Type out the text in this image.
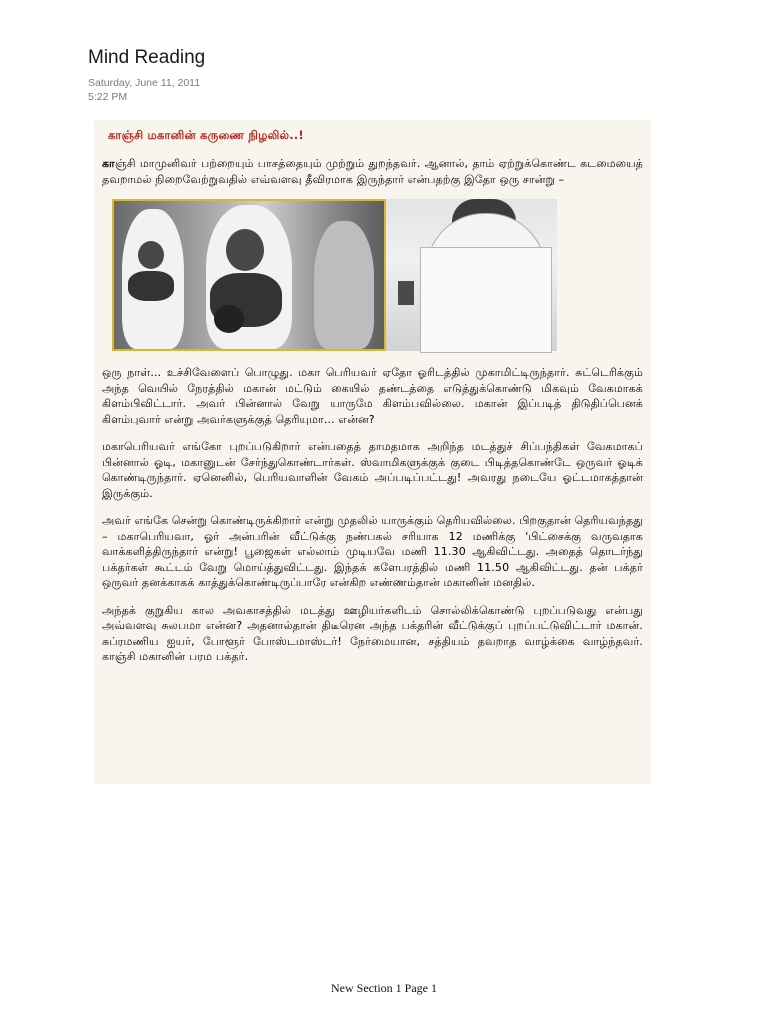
Mind Reading
Saturday, June 11, 2011
5:22 PM
காஞ்சி மகானின் கருணை நிழலில்..!

காஞ்சி மாமுனிவர் பற்றையும் பாசத்தையும் முற்றும் துறந்தவர். ஆனால், தாம் ஏற்றுக்கொண்ட கடமையைத் தவறாமல் நிறைவேற்றுவதில் எவ்வளவு தீவிரமாக இருந்தார் என்பதற்கு இதோ ஒரு சான்று –

ஒரு நாள்... உச்சிவேளைப் பொழுது. மகா பெரியவர் ஏதோ ஓரிடத்தில் முகாமிட்டிருந்தார். சுட்டெரிக்கும் அந்த வெயில் நேரத்தில் மகான் மட்டும் கையில் தண்டத்தை எடுத்துக்கொண்டு மிகவும் வேகமாகக் கிளம்பிவிட்டார். அவர் பின்னால் வேறு யாருமே கிளம்பவில்லை. மகான் இப்படித் திடுதிப்பெனக் கிளம்புவார் என்று அவர்களுக்குத் தெரியுமா... என்ன?

மகாபெரியவர் எங்கோ புறப்படுகிறார் என்பதைத் தாமதமாக அறிந்த மடத்துச் சிப்பந்திகள் வேகமாகப் பின்னால் ஓடி, மகானுடன் சேர்ந்துகொண்டார்கள். ஸ்வாமிகளுக்குக் குடை பிடித்தகொண்டே ஒருவர் ஓடிக் கொண்டிருந்தார். ஏனெனில், பெரியவாளின் வேகம் அப்படிப்பட்டது! அவரது நடையே ஓட்டமாகத்தான் இருக்கும்.

அவர் எங்கே சென்று கொண்டிருக்கிறார் என்று முதலில் யாருக்கும் தெரியவில்லை. பிறகுதான் தெரியவந்தது – மகாபெரியவா, ஓர் அன்பரின் வீட்டுக்கு நண்பகல் சரியாக 12 மணிக்கு 'பிட்சைக்கு வருவதாக வாக்களித்திருந்தார் என்று! பூஜைகள் எல்லாம் முடியவே மணி 11.30 ஆகிவிட்டது. அதைத் தொடர்ந்து பக்தர்கள் கூட்டம் வேறு மொய்த்துவிட்டது. இந்தக் களேபரத்தில் மணி 11.50 ஆகிவிட்டது. தன் பக்தர் ஒருவர் தனக்காகக் காத்துக்கொண்டிருப்பாரே என்கிற எண்ணம்தான் மகானின் மனதில்.

அந்தக் குறுகிய கால அவகாசத்தில் மடத்து ஊழியர்களிடம் சொல்லிக்கொண்டு புறப்படுவது என்பது அவ்வளவு சுலபமா என்ன? அதனால்தான் திடீரென அந்த பக்தரின் வீட்டுக்குப் புறப்பட்டுவிட்டார் மகான். சுப்ரமணிய ஐயர், போளூர் போஸ்டமாஸ்டர்! நேர்மையான, சத்தியம் தவறாத வாழ்க்கை வாழ்ந்தவர். காஞ்சி மகானின் பரம பக்தர்.

New Section 1 Page 1
